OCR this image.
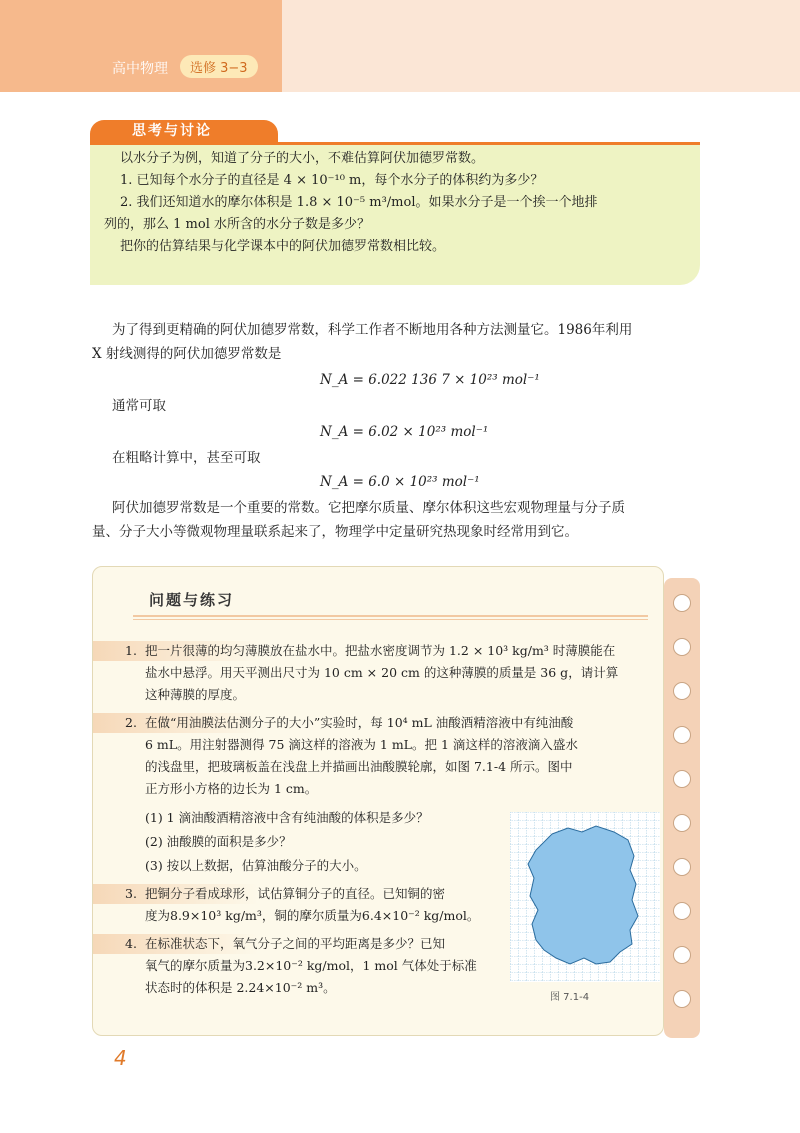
高中物理	选修 3−3
思考与讨论

以水分子为例，知道了分子的大小，不难估算阿伏加德罗常数。

1. 已知每个水分子的直径是 4 × 10⁻¹⁰ m，每个水分子的体积约为多少？

2. 我们还知道水的摩尔体积是 1.8 × 10⁻⁵ m³/mol。如果水分子是一个挨一个地排

列的，那么 1 mol 水所含的水分子数是多少？

把你的估算结果与化学课本中的阿伏加德罗常数相比较。

为了得到更精确的阿伏加德罗常数，科学工作者不断地用各种方法测量它。1986年利用
X 射线测得的阿伏加德罗常数是
N_A = 6.022 136 7 × 10²³ mol⁻¹
通常可取
N_A = 6.02 × 10²³ mol⁻¹
在粗略计算中，甚至可取
N_A = 6.0 × 10²³ mol⁻¹
阿伏加德罗常数是一个重要的常数。它把摩尔质量、摩尔体积这些宏观物理量与分子质
量、分子大小等微观物理量联系起来了，物理学中定量研究热现象时经常用到它。
问题与练习
1. 把一片很薄的均匀薄膜放在盐水中。把盐水密度调节为 1.2 × 10³ kg/m³ 时薄膜能在
盐水中悬浮。用天平测出尺寸为 10 cm × 20 cm 的这种薄膜的质量是 36 g，请计算
这种薄膜的厚度。
2. 在做“用油膜法估测分子的大小”实验时，每 10⁴ mL 油酸酒精溶液中有纯油酸
6 mL。用注射器测得 75 滴这样的溶液为 1 mL。把 1 滴这样的溶液滴入盛水
的浅盘里，把玻璃板盖在浅盘上并描画出油酸膜轮廓，如图 7.1-4 所示。图中
正方形小方格的边长为 1 cm。
(1) 1 滴油酸酒精溶液中含有纯油酸的体积是多少？
(2) 油酸膜的面积是多少？
(3) 按以上数据，估算油酸分子的大小。
3. 把铜分子看成球形，试估算铜分子的直径。已知铜的密
度为8.9×10³ kg/m³，铜的摩尔质量为6.4×10⁻² kg/mol。
4. 在标准状态下，氧气分子之间的平均距离是多少？已知
氧气的摩尔质量为3.2×10⁻² kg/mol，1 mol 气体处于标准
状态时的体积是 2.24×10⁻² m³。
图 7.1-4
4
